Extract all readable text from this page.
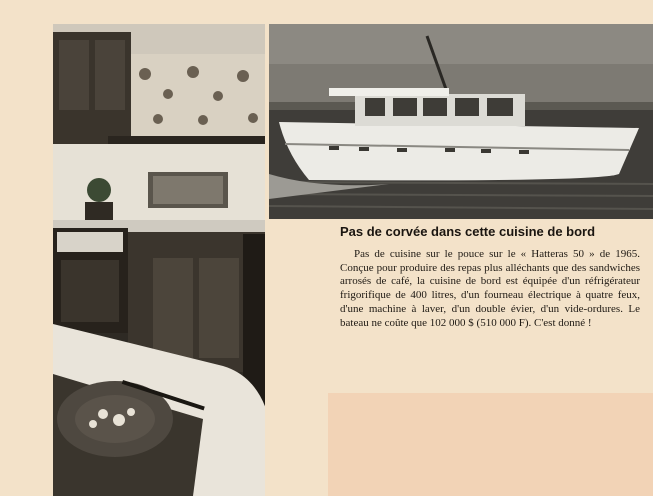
Pas de corvée dans cette cuisine de bord

Pas de cuisine sur le pouce sur le « Hatteras 50 » de 1965. Conçue pour produire des repas plus alléchants que des sandwiches arrosés de café, la cuisine de bord est équipée d'un réfrigérateur frigorifique de 400 litres, d'un fourneau électrique à quatre feux, d'une machine à laver, d'un double évier, d'un vide-ordures. Le bateau ne coûte que 102 000 $ (510 000 F). C'est donné !
